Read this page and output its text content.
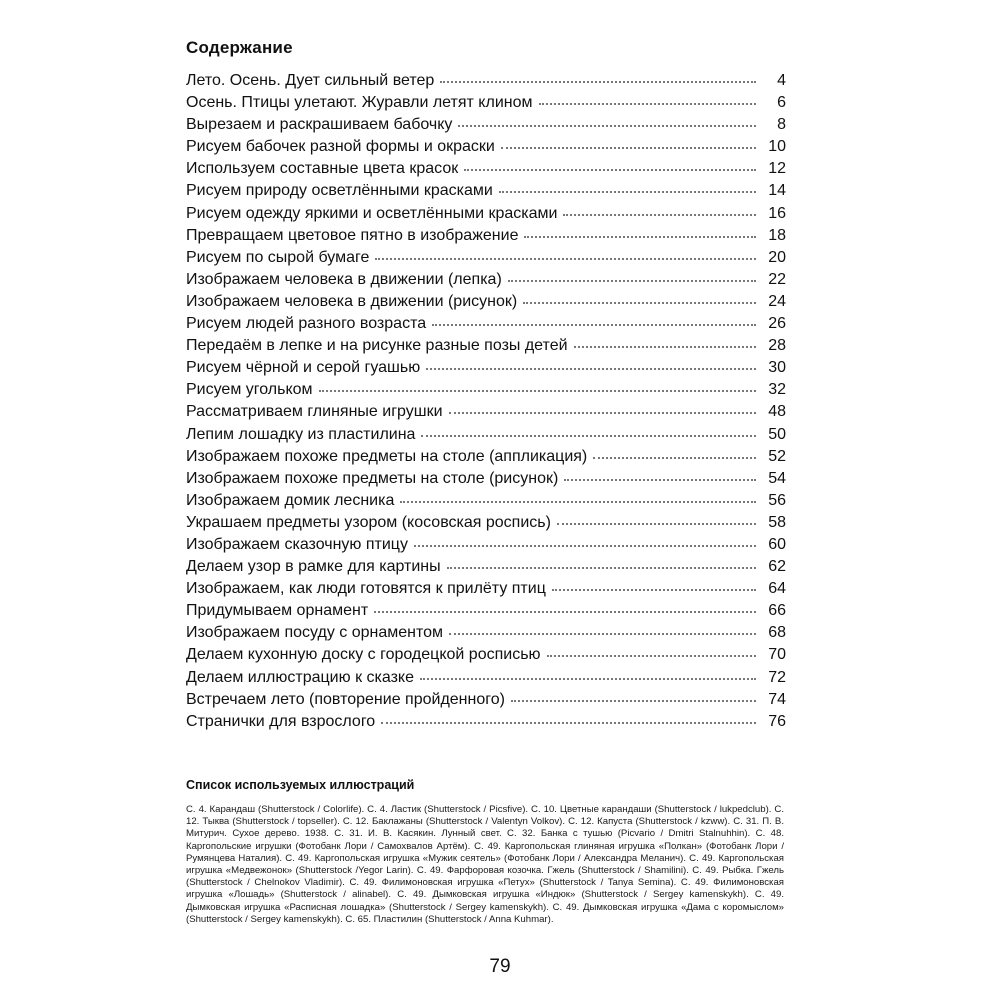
Содержание
Лето. Осень. Дует сильный ветер	4
Осень. Птицы улетают. Журавли летят клином	6
Вырезаем и раскрашиваем бабочку	8
Рисуем бабочек разной формы и окраски	10
Используем составные цвета красок	12
Рисуем природу осветлёнными красками	14
Рисуем одежду яркими и осветлёнными красками	16
Превращаем цветовое пятно в изображение	18
Рисуем по сырой бумаге	20
Изображаем человека в движении (лепка)	22
Изображаем человека в движении (рисунок)	24
Рисуем людей разного возраста	26
Передаём в лепке и на рисунке разные позы детей	28
Рисуем чёрной и серой гуашью	30
Рисуем угольком	32
Рассматриваем глиняные игрушки	48
Лепим лошадку из пластилина	50
Изображаем похоже предметы на столе (аппликация)	52
Изображаем похоже предметы на столе (рисунок)	54
Изображаем домик лесника	56
Украшаем предметы узором (косовская роспись)	58
Изображаем сказочную птицу	60
Делаем узор в рамке для картины	62
Изображаем, как люди готовятся к прилёту птиц	64
Придумываем орнамент	66
Изображаем посуду с орнаментом	68
Делаем кухонную доску с городецкой росписью	70
Делаем иллюстрацию к сказке	72
Встречаем лето (повторение пройденного)	74
Странички для взрослого	76
Список используемых иллюстраций
С. 4. Карандаш (Shutterstock / Colorlife). С. 4. Ластик (Shutterstock / Picsfive). С. 10. Цветные карандаши (Shutterstock / lukpedclub). С. 12. Тыква (Shutterstock / topseller). С. 12. Баклажаны (Shutterstock / Valentyn Volkov). С. 12. Капуста (Shutterstock / kzww). С. 31. П. В. Митурич. Сухое дерево. 1938. С. 31. И. В. Касякин. Лунный свет. С. 32. Банка с тушью (Picvario / Dmitri Stalnuhhin). С. 48. Каргопольские игрушки (Фотобанк Лори / Самохвалов Артём). С. 49. Каргопольская глиняная игрушка «Полкан» (Фотобанк Лори / Румянцева Наталия). С. 49. Каргопольская игрушка «Мужик сеятель» (Фотобанк Лори / Александра Меланич). С. 49. Каргопольская игрушка «Медвежонок» (Shutterstock /Yegor Larin). С. 49. Фарфоровая козочка. Гжель (Shutterstock / Shamilini). С. 49. Рыбка. Гжель (Shutterstock / Chelnokov Vladimir). С. 49. Филимоновская игрушка «Петух» (Shutterstock / Tanya Semina). С. 49. Филимоновская игрушка «Лошадь» (Shutterstock / alinabel). С. 49. Дымковская игрушка «Индюк» (Shutterstock / Sergey kamenskykh). С. 49. Дымковская игрушка «Расписная лошадка» (Shutterstock / Sergey kamenskykh). С. 49. Дымковская игрушка «Дама с коромыслом» (Shutterstock / Sergey kamenskykh). С. 65. Пластилин (Shutterstock / Anna Kuhmar).
79
